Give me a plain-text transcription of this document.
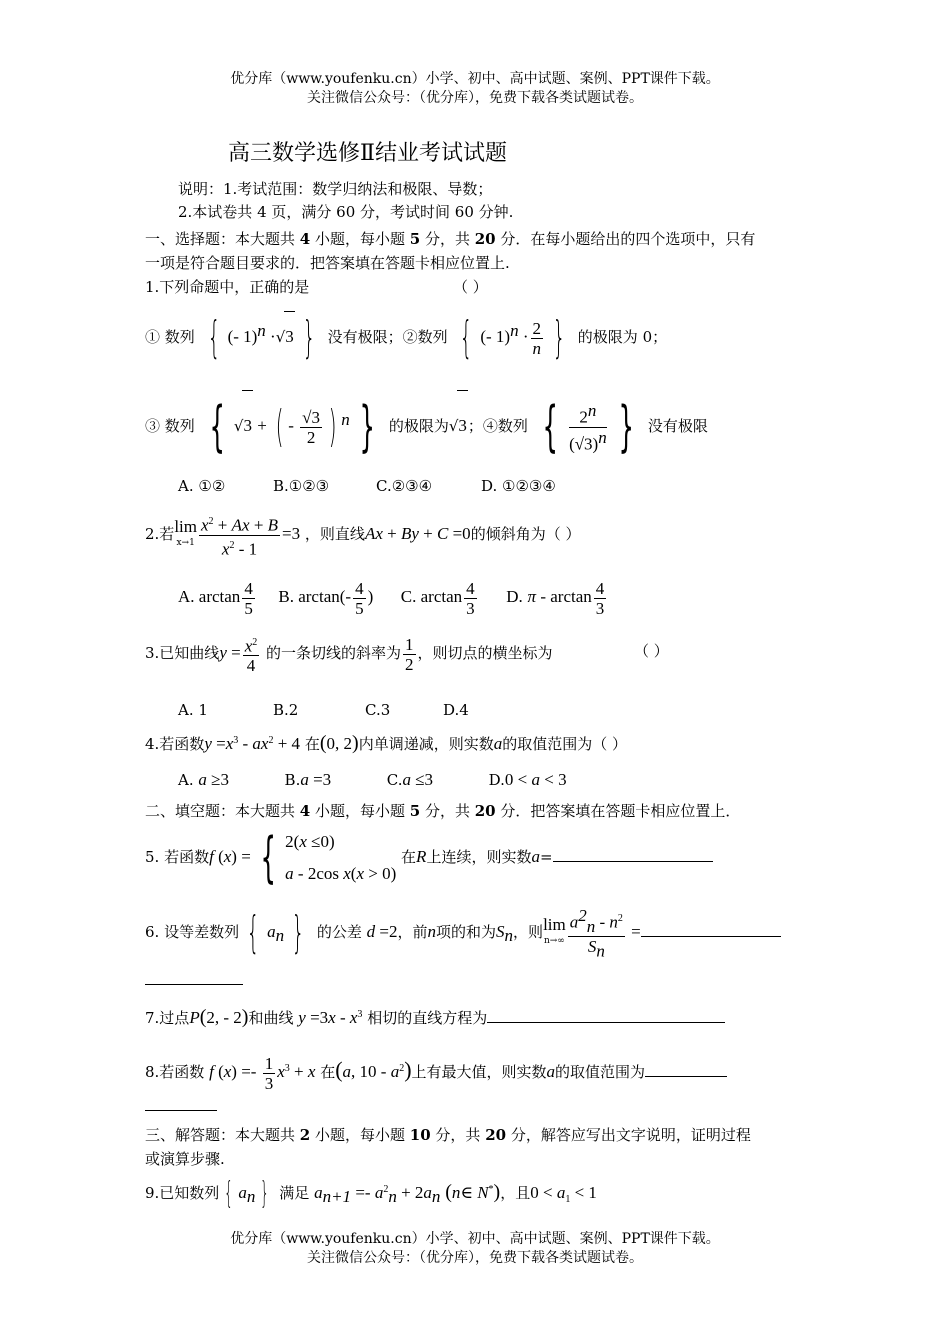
优分库（www.youfenku.cn）小学、初中、高中试题、案例、PPT课件下载。
关注微信公众号：（优分库），免费下载各类试题试卷。
高三数学选修Ⅱ结业考试试题
说明：1.考试范围：数学归纳法和极限、导数；
2.本试卷共 4 页，满分 60 分，考试时间 60 分钟.
一、选择题：本大题共 4 小题，每小题 5 分，共 20 分．在每小题给出的四个选项中，只有
一项是符合题目要求的．把答案填在答题卡相应位置上.
1.下列命题中，正确的是	（ ）
① 数列 { (- 1)$^n$ ·√3 } 没有极限；②数列 { (- $1)^n \cdot \frac{2}{n}$ } 的极限为 0；
③ 数列 { √3 + ( - $\frac{√3}{2}$ ) $^n$ } 的极限为√3；④数列 { $\frac{2^n}{(√3)^n}$ } 没有极限
A. ①②	B.①②③	C.②③④	D. ①②③④
2.若 lim
$x\to 1 \frac{x^2 + Ax + B}{x^2 - 1} =3$ ，则直线Ax + By + C =0的倾斜角为（ ）
A. $\arctan \frac{4}{5} B$. $\arctan(- \frac{4}{5}$ ) C. $\arctan \frac{4}{3} D$. π - $\arctan \frac{4}{3}$
3.已知曲线$y = \frac{x^2}{4}$ 的一条切线的斜率为 $\frac{1}{2}$ ，则切点的横坐标为	（ ）
A. 1	B.2	C.3	D.4
4.若函数$y =x^3 - ax^2 + 4$ 在(0, 2)内单调递减，则实数a的取值范围为（ ）
A. a ≥3	B.a =3	C.a ≤3	D.0 < a < 3
二、填空题：本大题共 4 小题，每小题 5 分，共 20 分．把答案填在答题卡相应位置上．
5. 若函数f (x) = { 2(x ≤0)
a - 2cos x(x > 0)
在R上连续，则实数a=
6. 设等差数列 { $a_n$ } 的公差 d =2，前n项的和为$S_n$，则 lim
$n\to\infty \frac{a^2_n - n^2}{S_n}$ =
7.过点P(2, - 2)和曲线 $y =3x - x^3$ 相切的直线方程为
8.若函数 f $(x) =- \frac{1}{3} x^3 + x$ 在(a, $10 - a^2$)上有最大值，则实数a的取值范围为
三、解答题：本大题共 2 小题，每小题 10 分，共 20 分，解答应写出文字说明，证明过程
或演算步骤.
9.已知数列 { $a_n$ } 满足 $a_{n+1} =- a^2_n + 2a_n$ (n∈ N*)，且$0 < a_1 < 1$
优分库（www.youfenku.cn）小学、初中、高中试题、案例、PPT课件下载。
关注微信公众号：（优分库），免费下载各类试题试卷。
